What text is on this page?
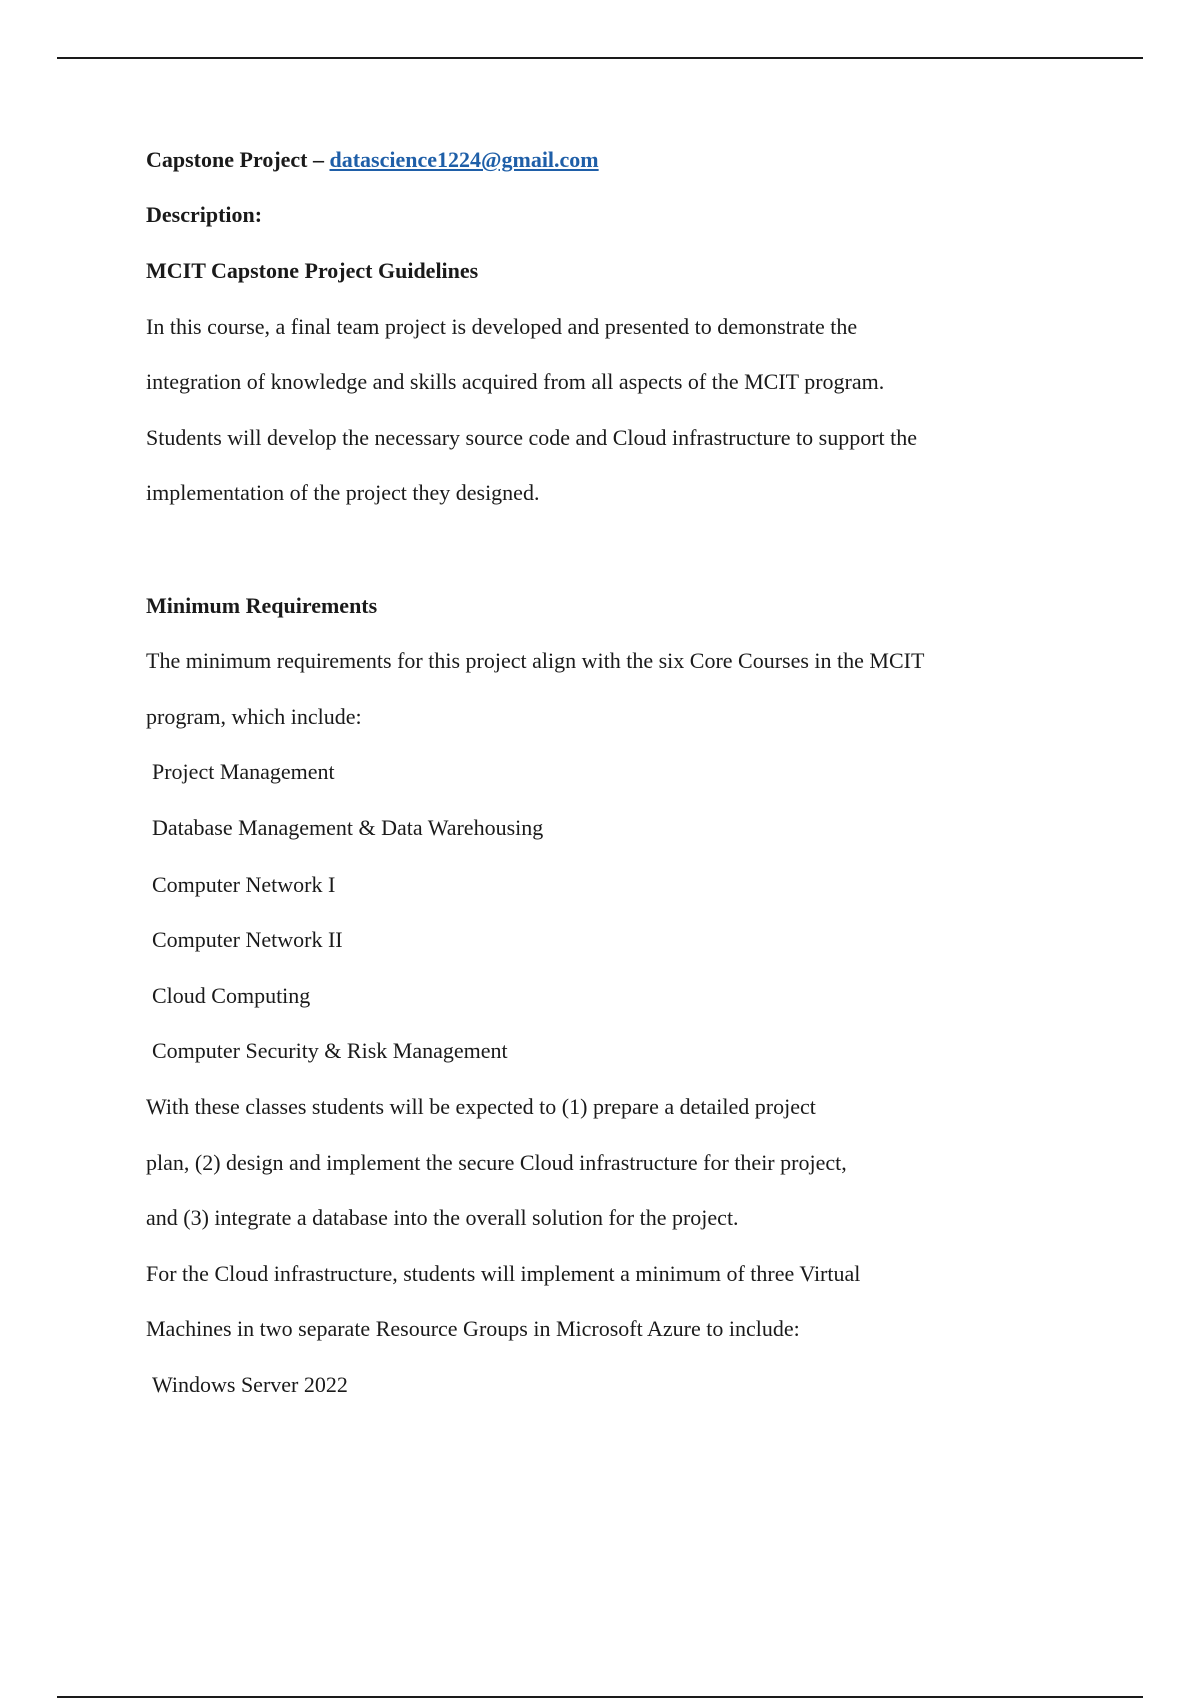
Capstone Project – datascience1224@gmail.com

Description:

MCIT Capstone Project Guidelines

In this course, a final team project is developed and presented to demonstrate the

integration of knowledge and skills acquired from all aspects of the MCIT program.

Students will develop the necessary source code and Cloud infrastructure to support the

implementation of the project they designed.

Minimum Requirements

The minimum requirements for this project align with the six Core Courses in the MCIT

program, which include:

Project Management

Database Management & Data Warehousing

Computer Network I

Computer Network II

Cloud Computing

Computer Security & Risk Management

With these classes students will be expected to (1) prepare a detailed project

plan, (2) design and implement the secure Cloud infrastructure for their project,

and (3) integrate a database into the overall solution for the project.

For the Cloud infrastructure, students will implement a minimum of three Virtual

Machines in two separate Resource Groups in Microsoft Azure to include:

Windows Server 2022
